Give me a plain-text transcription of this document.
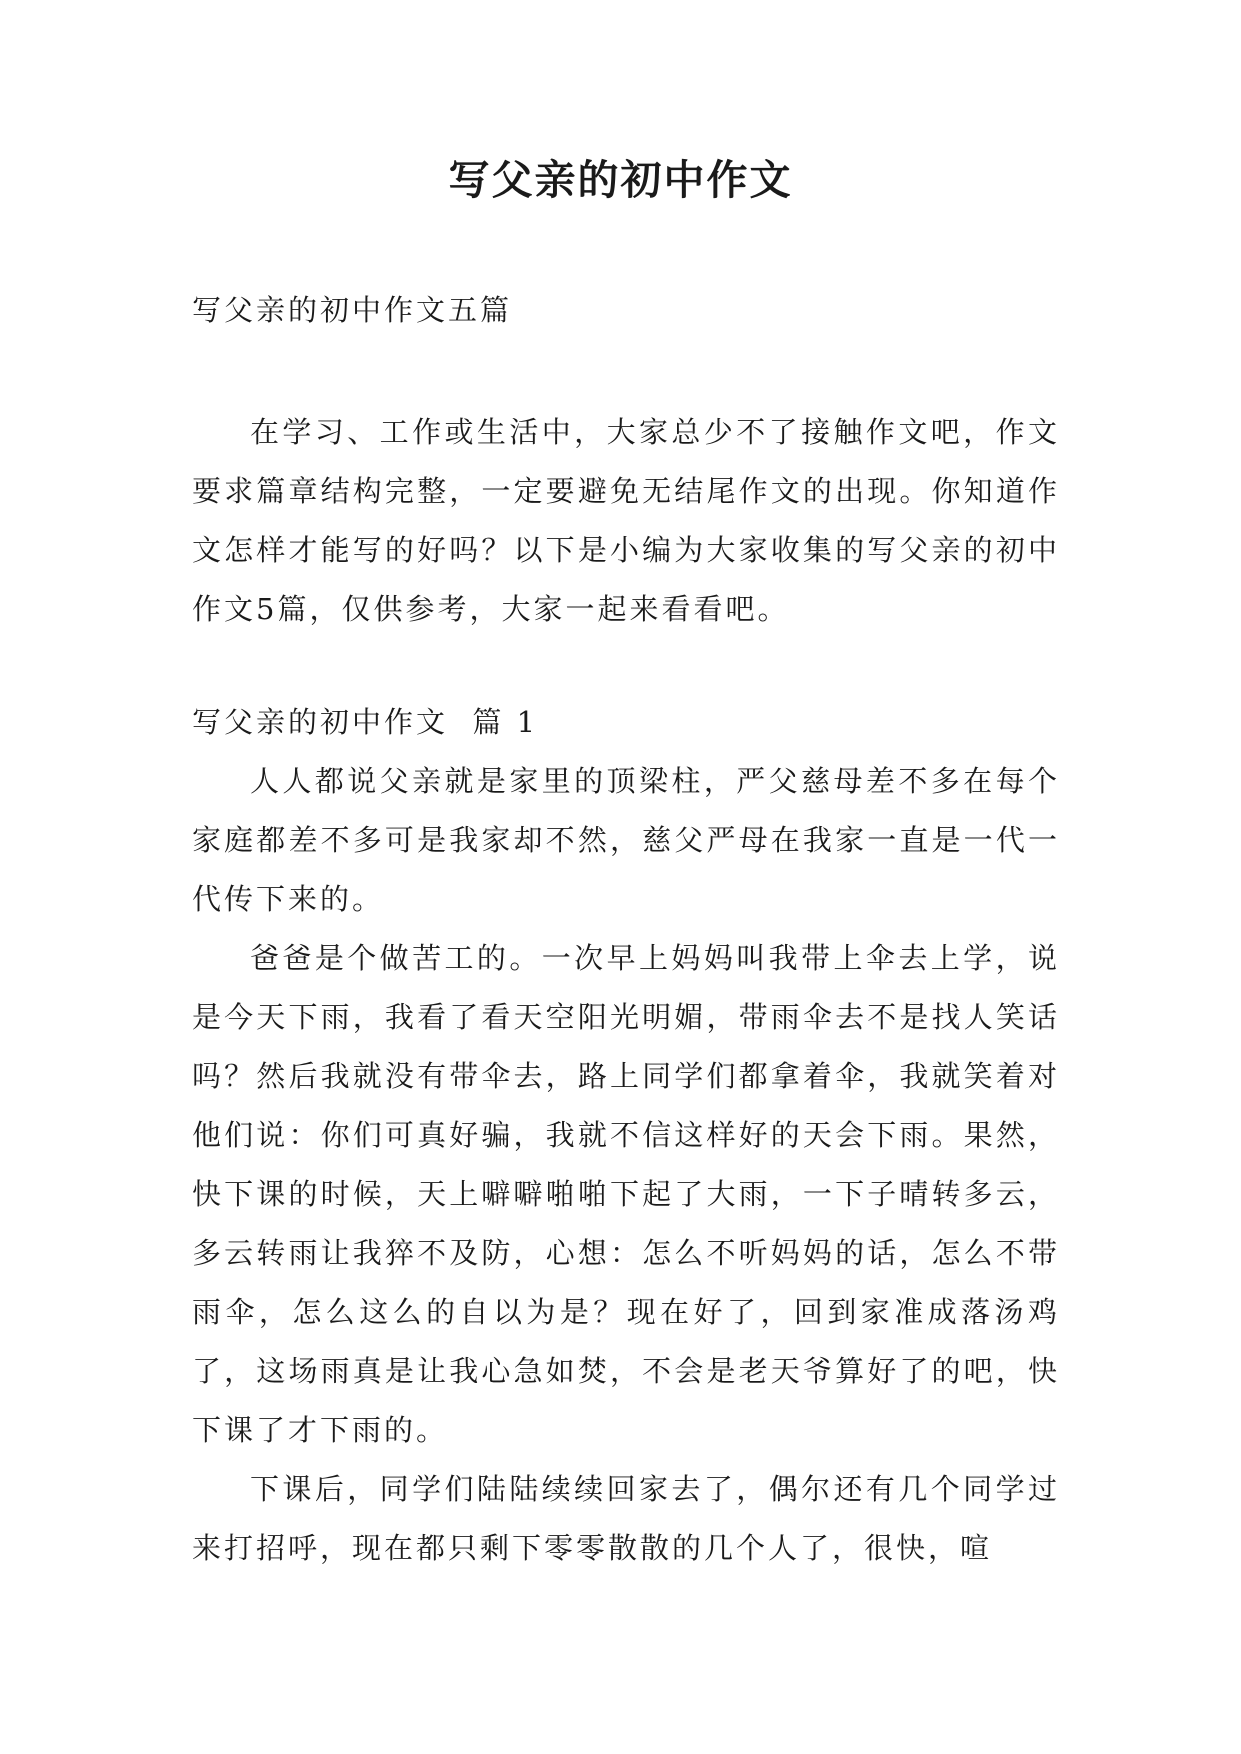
写父亲的初中作文
写父亲的初中作文五篇

在学习、工作或生活中，大家总少不了接触作文吧，作文要求篇章结构完整，一定要避免无结尾作文的出现。你知道作文怎样才能写的好吗？以下是小编为大家收集的写父亲的初中作文5篇，仅供参考，大家一起来看看吧。

写父亲的初中作文  篇 1

人人都说父亲就是家里的顶梁柱，严父慈母差不多在每个家庭都差不多可是我家却不然，慈父严母在我家一直是一代一代传下来的。

爸爸是个做苦工的。一次早上妈妈叫我带上伞去上学，说是今天下雨，我看了看天空阳光明媚，带雨伞去不是找人笑话吗？然后我就没有带伞去，路上同学们都拿着伞，我就笑着对他们说：你们可真好骗，我就不信这样好的天会下雨。果然，快下课的时候，天上噼噼啪啪下起了大雨，一下子晴转多云，多云转雨让我猝不及防，心想：怎么不听妈妈的话，怎么不带雨伞，怎么这么的自以为是？现在好了，回到家准成落汤鸡了，这场雨真是让我心急如焚，不会是老天爷算好了的吧，快下课了才下雨的。

下课后，同学们陆陆续续回家去了，偶尔还有几个同学过来打招呼，现在都只剩下零零散散的几个人了，很快，喧
